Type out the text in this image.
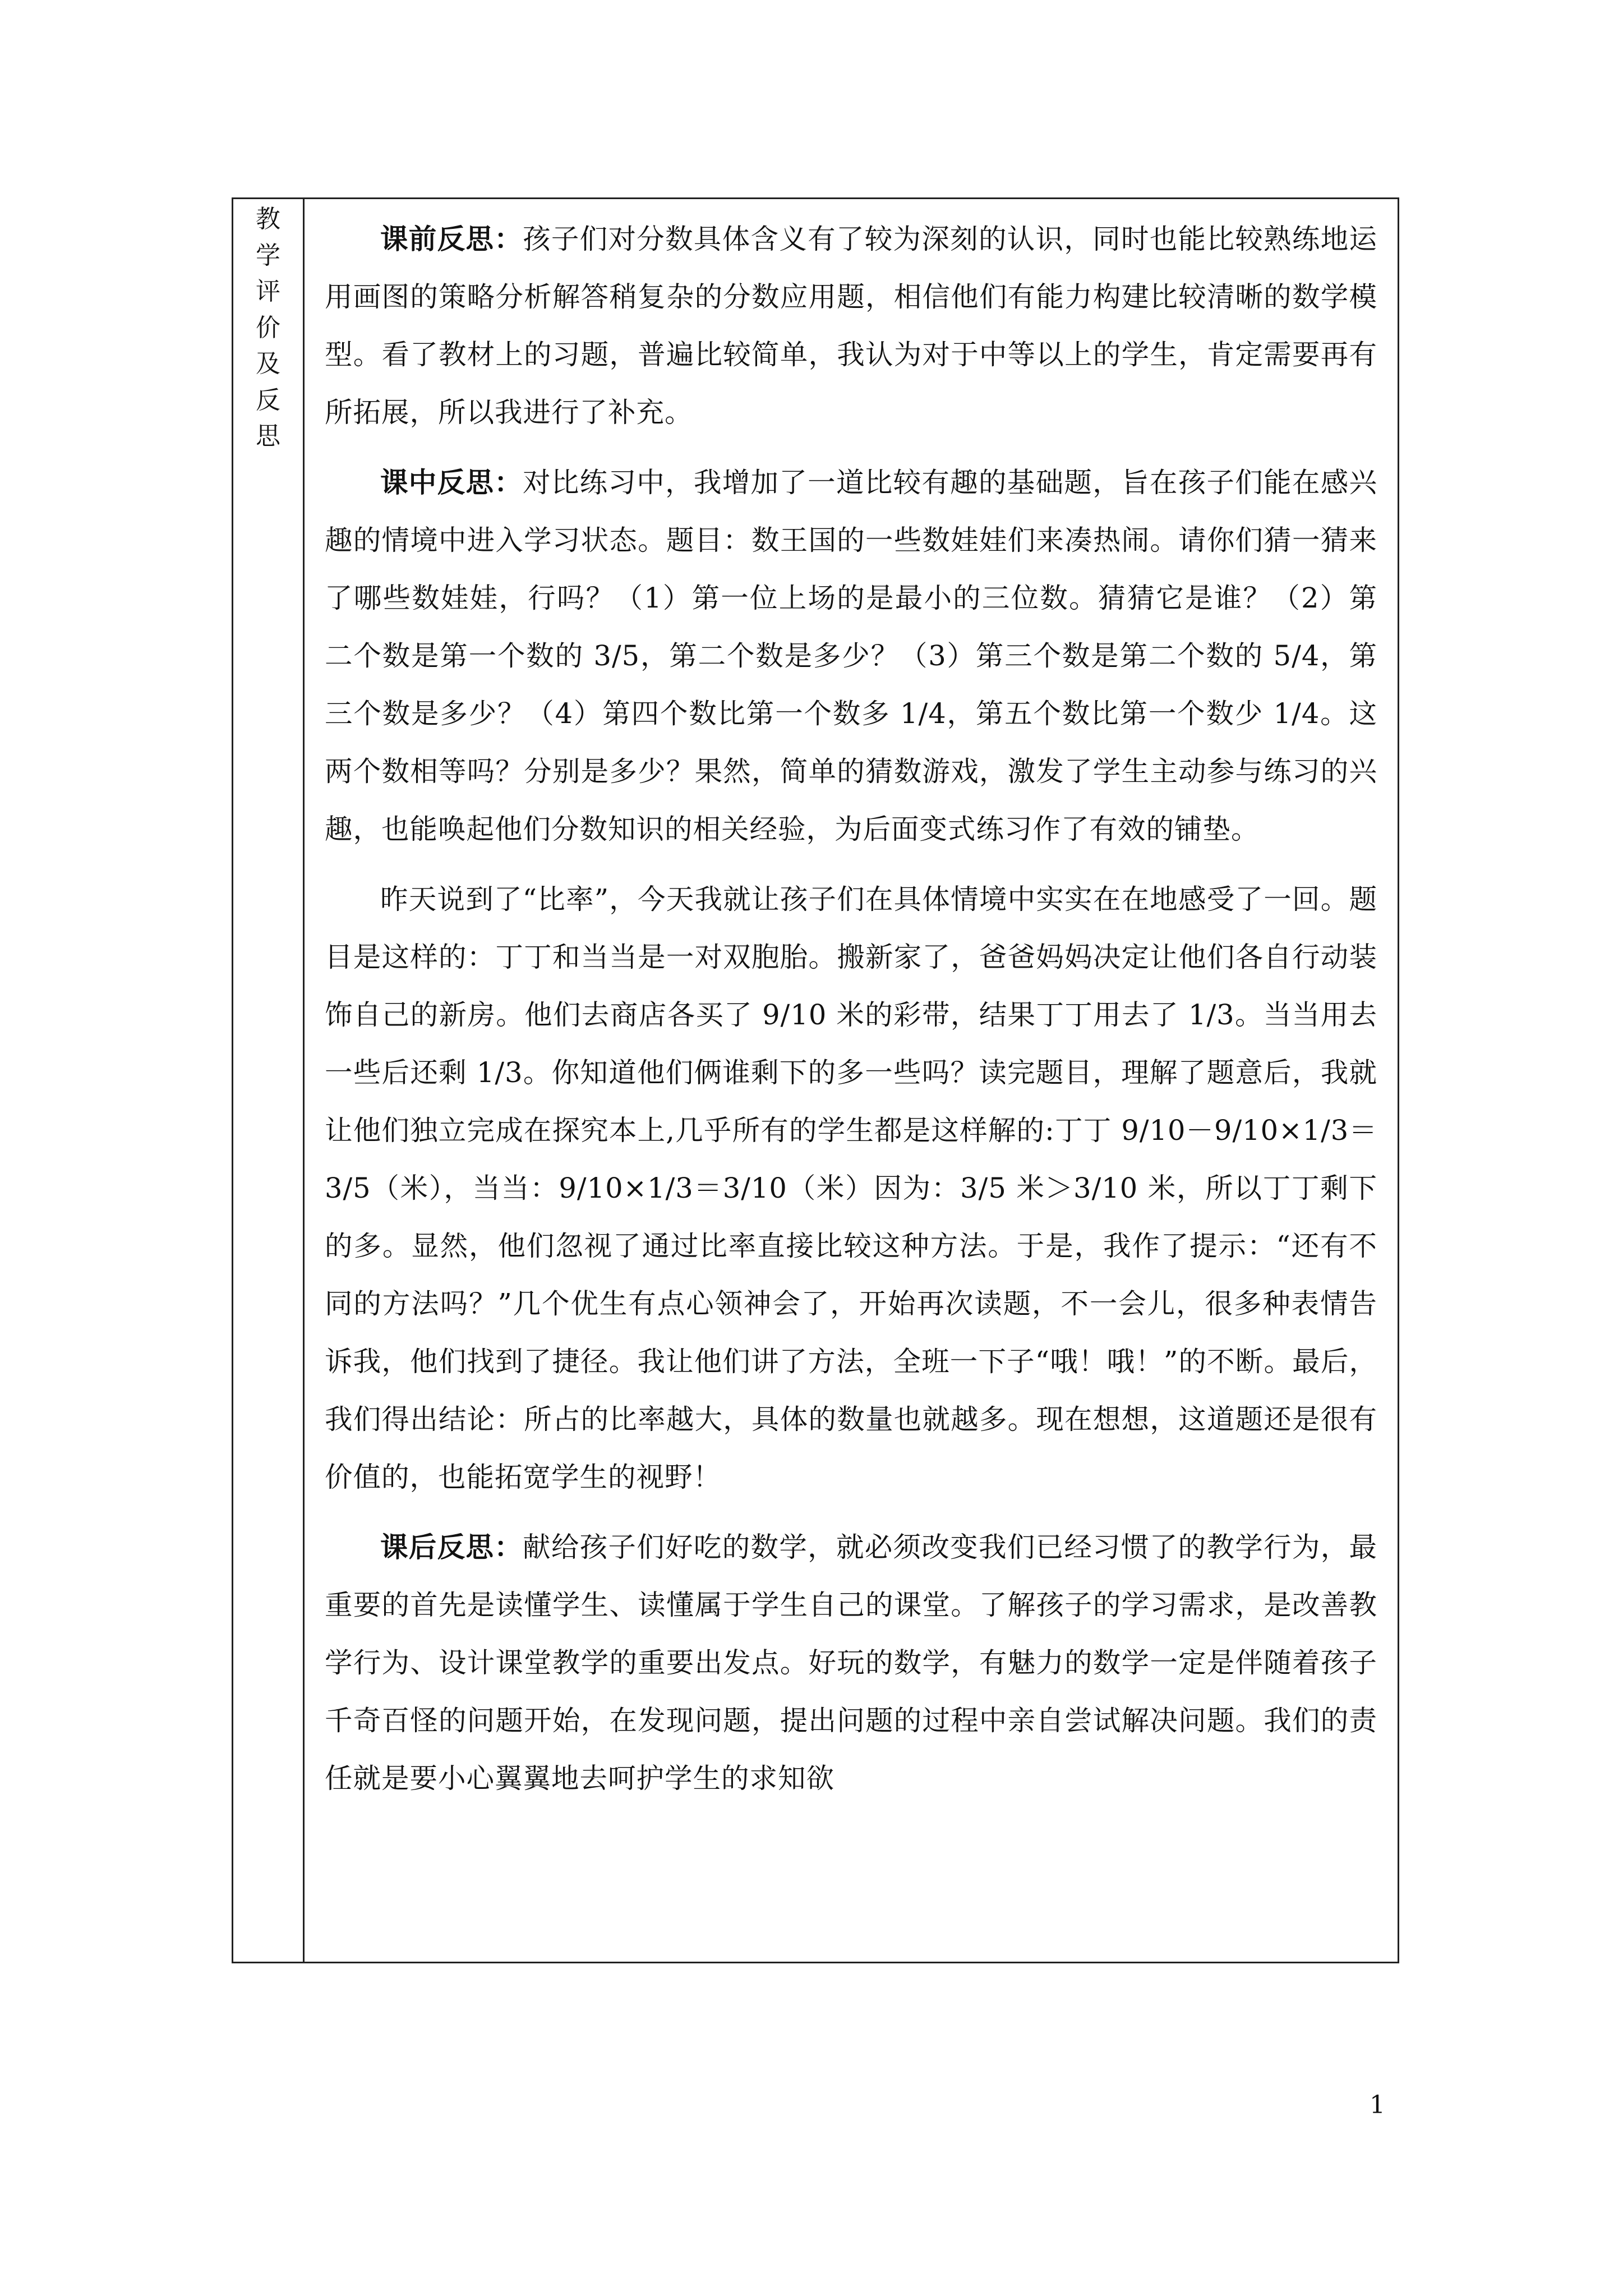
教
学
评
价
及
反
思

课前反思：孩子们对分数具体含义有了较为深刻的认识，同时也能比较熟练地运用画图的策略分析解答稍复杂的分数应用题，相信他们有能力构建比较清晰的数学模型。看了教材上的习题，普遍比较简单，我认为对于中等以上的学生，肯定需要再有所拓展，所以我进行了补充。

课中反思：对比练习中，我增加了一道比较有趣的基础题，旨在孩子们能在感兴趣的情境中进入学习状态。题目：数王国的一些数娃娃们来凑热闹。请你们猜一猜来了哪些数娃娃，行吗？（1）第一位上场的是最小的三位数。猜猜它是谁？（2）第二个数是第一个数的 3/5，第二个数是多少？（3）第三个数是第二个数的 5/4，第三个数是多少？（4）第四个数比第一个数多 1/4，第五个数比第一个数少 1/4。这两个数相等吗？分别是多少？果然，简单的猜数游戏，激发了学生主动参与练习的兴趣，也能唤起他们分数知识的相关经验，为后面变式练习作了有效的铺垫。

昨天说到了“比率”，今天我就让孩子们在具体情境中实实在在地感受了一回。题目是这样的：丁丁和当当是一对双胞胎。搬新家了，爸爸妈妈决定让他们各自行动装饰自己的新房。他们去商店各买了 9/10 米的彩带，结果丁丁用去了 1/3。当当用去一些后还剩 1/3。你知道他们俩谁剩下的多一些吗？读完题目，理解了题意后，我就让他们独立完成在探究本上,几乎所有的学生都是这样解的:丁丁 9/10－9/10×1/3＝3/5（米），当当：9/10×1/3＝3/10（米）因为：3/5 米＞3/10 米，所以丁丁剩下的多。显然，他们忽视了通过比率直接比较这种方法。于是，我作了提示：“还有不同的方法吗？”几个优生有点心领神会了，开始再次读题，不一会儿，很多种表情告诉我，他们找到了捷径。我让他们讲了方法，全班一下子“哦！哦！”的不断。最后，我们得出结论：所占的比率越大，具体的数量也就越多。现在想想，这道题还是很有价值的，也能拓宽学生的视野！

课后反思：献给孩子们好吃的数学，就必须改变我们已经习惯了的教学行为，最重要的首先是读懂学生、读懂属于学生自己的课堂。了解孩子的学习需求，是改善教学行为、设计课堂教学的重要出发点。好玩的数学，有魅力的数学一定是伴随着孩子千奇百怪的问题开始，在发现问题，提出问题的过程中亲自尝试解决问题。我们的责任就是要小心翼翼地去呵护学生的求知欲

1
